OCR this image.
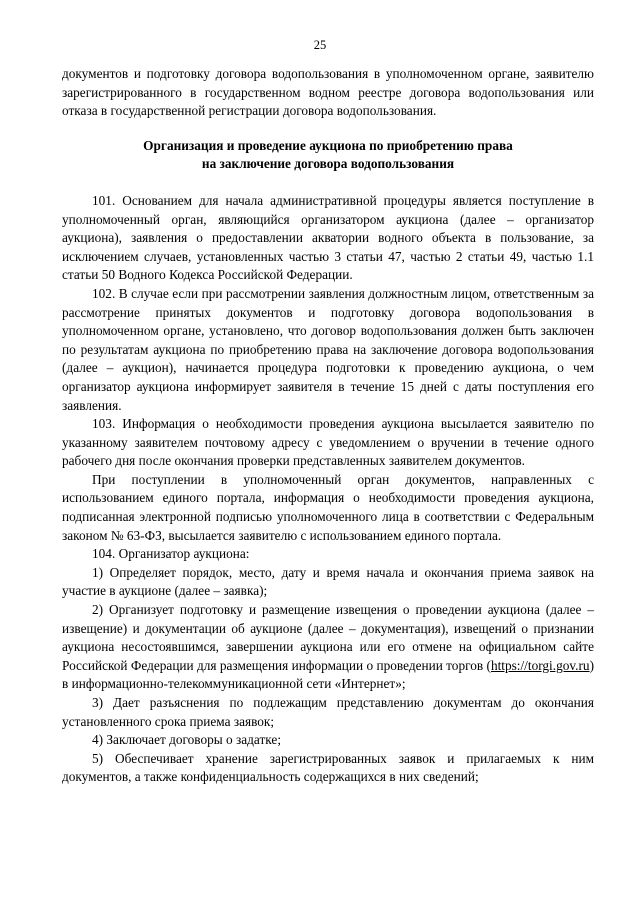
25

документов и подготовку договора водопользования в уполномоченном органе, заявителю зарегистрированного в государственном водном реестре договора водопользования или отказа в государственной регистрации договора водопользования.

Организация и проведение аукциона по приобретению права
на заключение договора водопользования

101. Основанием для начала административной процедуры является поступление в уполномоченный орган, являющийся организатором аукциона (далее – организатор аукциона), заявления о предоставлении акватории водного объекта в пользование, за исключением случаев, установленных частью 3 статьи 47, частью 2 статьи 49, частью 1.1 статьи 50 Водного Кодекса Российской Федерации.

102. В случае если при рассмотрении заявления должностным лицом, ответственным за рассмотрение принятых документов и подготовку договора водопользования в уполномоченном органе, установлено, что договор водопользования должен быть заключен по результатам аукциона по приобретению права на заключение договора водопользования (далее – аукцион), начинается процедура подготовки к проведению аукциона, о чем организатор аукциона информирует заявителя в течение 15 дней с даты поступления его заявления.

103. Информация о необходимости проведения аукциона высылается заявителю по указанному заявителем почтовому адресу с уведомлением о вручении в течение одного рабочего дня после окончания проверки представленных заявителем документов.

При поступлении в уполномоченный орган документов, направленных с использованием единого портала, информация о необходимости проведения аукциона, подписанная электронной подписью уполномоченного лица в соответствии с Федеральным законом № 63-ФЗ, высылается заявителю с использованием единого портала.

104. Организатор аукциона:

1) Определяет порядок, место, дату и время начала и окончания приема заявок на участие в аукционе (далее – заявка);

2) Организует подготовку и размещение извещения о проведении аукциона (далее – извещение) и документации об аукционе (далее – документация), извещений о признании аукциона несостоявшимся, завершении аукциона или его отмене на официальном сайте Российской Федерации для размещения информации о проведении торгов (https://torgi.gov.ru) в информационно-телекоммуникационной сети «Интернет»;

3) Дает разъяснения по подлежащим представлению документам до окончания установленного срока приема заявок;

4) Заключает договоры о задатке;

5) Обеспечивает хранение зарегистрированных заявок и прилагаемых к ним документов, а также конфиденциальность содержащихся в них сведений;
